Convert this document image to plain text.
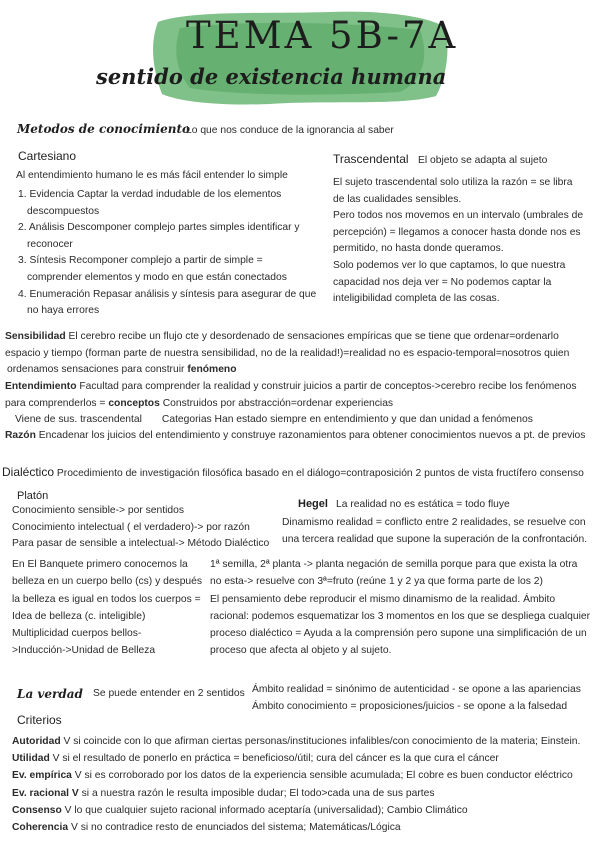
TEMA 5B-7A
sentido de existencia humana
Metodos de conocimiento
Lo que nos conduce de la ignorancia al saber
Cartesiano
Al entendimiento humano le es más fácil entender lo simple
1. Evidencia Captar la verdad indudable de los elementos
descompuestos
2. Análisis Descomponer complejo partes simples identificar y
reconocer
3. Síntesis Recomponer complejo a partir de simple =
comprender elementos y modo en que están conectados
4. Enumeración Repasar análisis y síntesis para asegurar de que
no haya errores
Trascendental El objeto se adapta al sujeto
El sujeto trascendental solo utiliza la razón = se libra
de las cualidades sensibles.
Pero todos nos movemos en un intervalo (umbrales de
percepción) = llegamos a conocer hasta donde nos es
permitido, no hasta donde queramos.
Solo podemos ver lo que captamos, lo que nuestra
capacidad nos deja ver = No podemos captar la
inteligibilidad completa de las cosas.
Sensibilidad El cerebro recibe un flujo cte y desordenado de sensaciones empíricas que se tiene que ordenar=ordenarlo
espacio y tiempo (forman parte de nuestra sensibilidad, no de la realidad!)=realidad no es espacio-temporal=nosotros quien
ordenamos sensaciones para construir fenómeno
Entendimiento Facultad para comprender la realidad y construir juicios a partir de conceptos->cerebro recibe los fenómenos
para comprenderlos = conceptos Construidos por abstracción=ordenar experiencias
Viene de sus. trascendental Categorias Han estado siempre en entendimiento y que dan unidad a fenómenos
Razón Encadenar los juicios del entendimiento y construye razonamientos para obtener conocimientos nuevos a pt. de previos
Dialéctico Procedimiento de investigación filosófica basado en el diálogo=contraposición 2 puntos de vista fructífero consenso
Platón
Conocimiento sensible-> por sentidos
Conocimiento intelectual ( el verdadero)-> por razón
Para pasar de sensible a intelectual-> Método Dialéctico
Hegel La realidad no es estática = todo fluye
Dinamismo realidad = conflicto entre 2 realidades, se resuelve con
una tercera realidad que supone la superación de la confrontación.
En El Banquete primero conocemos la
belleza en un cuerpo bello (cs) y después
la belleza es igual en todos los cuerpos =
Idea de belleza (c. inteligible)
Multiplicidad cuerpos bellos-
>Inducción->Unidad de Belleza
1ª semilla, 2ª planta -> planta negación de semilla porque para que exista la otra
no esta-> resuelve con 3ª=fruto (reúne 1 y 2 ya que forma parte de los 2)
El pensamiento debe reproducir el mismo dinamismo de la realidad. Ámbito
racional: podemos esquematizar los 3 momentos en los que se despliega cualquier
proceso dialéctico = Ayuda a la comprensión pero supone una simplificación de un
proceso que afecta al objeto y al sujeto.
La verdad Se puede entender en 2 sentidos Ámbito realidad = sinónimo de autenticidad - se opone a las apariencias
Ámbito conocimiento = proposiciones/juicios - se opone a la falsedad
Criterios
Autoridad V si coincide con lo que afirman ciertas personas/instituciones infalibles/con conocimiento de la materia; Einstein.
Utilidad V si el resultado de ponerlo en práctica = beneficioso/útil; cura del cáncer es la que cura el cáncer
Ev. empírica V si es corroborado por los datos de la experiencia sensible acumulada; El cobre es buen conductor eléctrico
Ev. racional V si a nuestra razón le resulta imposible dudar; El todo>cada una de sus partes
Consenso V lo que cualquier sujeto racional informado aceptaría (universalidad); Cambio Climático
Coherencia V si no contradice resto de enunciados del sistema; Matemáticas/Lógica
